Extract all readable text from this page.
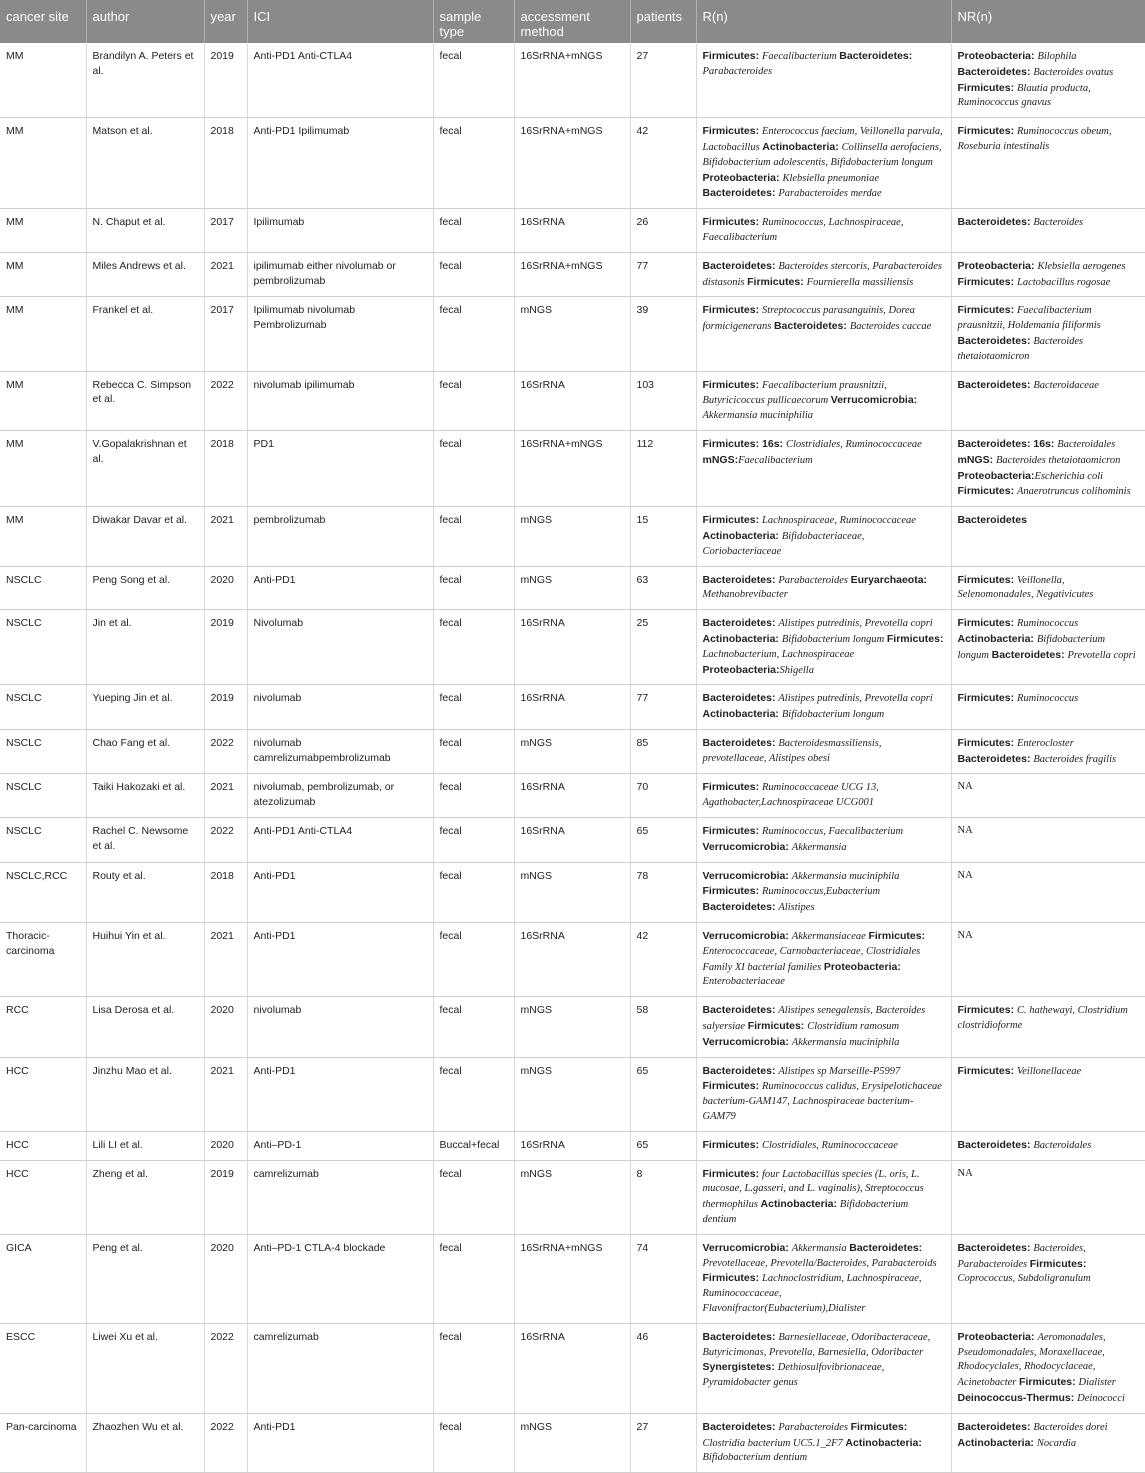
cancer site	author	year	ICI	sample type	accessment method	patients	R(n)	NR(n)
MM	Brandilyn A. Peters et al.	2019	Anti-PD1 Anti-CTLA4	fecal	16SrRNA+mNGS	27	Firmicutes: Faecalibacterium Bacteroidetes: Parabacteroides	Proteobacteria: Bilophila Bacteroidetes: Bacteroides ovatus Firmicutes: Blautia producta, Ruminococcus gnavus
MM	Matson et al.	2018	Anti-PD1 Ipilimumab	fecal	16SrRNA+mNGS	42	Firmicutes: Enterococcus faecium, Veillonella parvula, Lactobacillus Actinobacteria: Collinsella aerofaciens, Bifidobacterium adolescentis, Bifidobacterium longum Proteobacteria: Klebsiella pneumoniae Bacteroidetes: Parabacteroides merdae	Firmicutes: Ruminococcus obeum, Roseburia intestinalis
MM	N. Chaput et al.	2017	Ipilimumab	fecal	16SrRNA	26	Firmicutes: Ruminococcus, Lachnospiraceae, Faecalibacterium	Bacteroidetes: Bacteroides
MM	Miles Andrews et al.	2021	ipilimumab either nivolumab or pembrolizumab	fecal	16SrRNA+mNGS	77	Bacteroidetes: Bacteroides stercoris, Parabacteroides distasonis Firmicutes: Fournierella massiliensis	Proteobacteria: Klebsiella aerogenes Firmicutes: Lactobacillus rogosae
MM	Frankel et al.	2017	Ipilimumab nivolumab Pembrolizumab	fecal	mNGS	39	Firmicutes: Streptococcus parasanguinis, Dorea formicigenerans Bacteroidetes: Bacteroides caccae	Firmicutes: Faecalibacterium prausnitzii, Holdemania filiformis Bacteroidetes: Bacteroides thetaiotaomicron
MM	Rebecca C. Simpson et al.	2022	nivolumab ipilimumab	fecal	16SrRNA	103	Firmicutes: Faecalibacterium prausnitzii, Butyricicoccus pullicaecorum Verrucomicrobia: Akkermansia muciniphilia	Bacteroidetes: Bacteroidaceae
MM	V.Gopalakrishnan et al.	2018	PD1	fecal	16SrRNA+mNGS	112	Firmicutes: 16s: Clostridiales, Ruminococcaceae mNGS:Faecalibacterium	Bacteroidetes: 16s: Bacteroidales mNGS: Bacteroides thetaiotaomicron Proteobacteria:Escherichia coli Firmicutes: Anaerotruncus colihominis
MM	Diwakar Davar et al.	2021	pembrolizumab	fecal	mNGS	15	Firmicutes: Lachnospiraceae, Ruminococcaceae Actinobacteria: Bifidobacteriaceae, Coriobacteriaceae	Bacteroidetes
NSCLC	Peng Song et al.	2020	Anti-PD1	fecal	mNGS	63	Bacteroidetes: Parabacteroides Euryarchaeota: Methanobrevibacter	Firmicutes: Veillonella, Selenomonadales, Negativicutes
NSCLC	Jin et al.	2019	Nivolumab	fecal	16SrRNA	25	Bacteroidetes: Alistipes putredinis, Prevotella copri Actinobacteria: Bifidobacterium longum Firmicutes: Lachnobacterium, Lachnospiraceae Proteobacteria:Shigella	Firmicutes: Ruminococcus Actinobacteria: Bifidobacterium longum Bacteroidetes: Prevotella copri
NSCLC	Yueping Jin et al.	2019	nivolumab	fecal	16SrRNA	77	Bacteroidetes: Alistipes putredinis, Prevotella copri Actinobacteria: Bifidobacterium longum	Firmicutes: Ruminococcus
NSCLC	Chao Fang et al.	2022	nivolumab camrelizumabpembrolizumab	fecal	mNGS	85	Bacteroidetes: Bacteroidesmassiliensis, prevotellaceae, Alistipes obesi	Firmicutes: Enterocloster Bacteroidetes: Bacteroides fragilis
NSCLC	Taiki Hakozaki et al.	2021	nivolumab, pembrolizumab, or atezolizumab	fecal	16SrRNA	70	Firmicutes: Ruminococcaceae UCG 13, Agathobacter,Lachnospiraceae UCG001	NA
NSCLC	Rachel C. Newsome et al.	2022	Anti-PD1 Anti-CTLA4	fecal	16SrRNA	65	Firmicutes: Ruminococcus, Faecalibacterium Verrucomicrobia: Akkermansia	NA
NSCLC,RCC	Routy et al.	2018	Anti-PD1	fecal	mNGS	78	Verrucomicrobia: Akkermansia muciniphila Firmicutes: Ruminococcus,Eubacterium Bacteroidetes: Alistipes	NA
Thoracic-carcinoma	Huihui Yin et al.	2021	Anti-PD1	fecal	16SrRNA	42	Verrucomicrobia: Akkermansiaceae Firmicutes: Enterococcaceae, Carnobacteriaceae, Clostridiales Family XI bacterial families Proteobacteria: Enterobacteriaceae	NA
RCC	Lisa Derosa et al.	2020	nivolumab	fecal	mNGS	58	Bacteroidetes: Alistipes senegalensis, Bacteroides salyersiae Firmicutes: Clostridium ramosum Verrucomicrobia: Akkermansia muciniphila	Firmicutes: C. hathewayi, Clostridium clostridioforme
HCC	Jinzhu Mao et al.	2021	Anti-PD1	fecal	mNGS	65	Bacteroidetes: Alistipes sp Marseille-P5997 Firmicutes: Ruminococcus calidus, Erysipelotichaceae bacterium-GAM147, Lachnospiraceae bacterium-GAM79	Firmicutes: Veillonellaceae
HCC	Lili LI et al.	2020	Anti–PD-1	Buccal+fecal	16SrRNA	65	Firmicutes: Clostridiales, Ruminococcaceae	Bacteroidetes: Bacteroidales
HCC	Zheng et al.	2019	camrelizumab	fecal	mNGS	8	Firmicutes: four Lactobacillus species (L. oris, L. mucosae, L.gasseri, and L. vaginalis), Streptococcus thermophilus Actinobacteria: Bifidobacterium dentium	NA
GICA	Peng et al.	2020	Anti–PD-1 CTLA-4 blockade	fecal	16SrRNA+mNGS	74	Verrucomicrobia: Akkermansia Bacteroidetes: Prevotellaceae, Prevotella/Bacteroides, Parabacteroids Firmicutes: Lachnoclostridium, Lachnospiraceae, Ruminococcaceae, Flavonifractor(Eubacterium),Dialister	Bacteroidetes: Bacteroides, Parabacteroides Firmicutes: Coprococcus, Subdoligranulum
ESCC	Liwei Xu et al.	2022	camrelizumab	fecal	16SrRNA	46	Bacteroidetes: Barnesiellaceae, Odoribacteraceae, Butyricimonas, Prevotella, Barnesiella, Odoribacter Synergistetes: Dethiosulfovibrionaceae, Pyramidobacter genus	Proteobacteria: Aeromonadales, Pseudomonadales, Moraxellaceae, Rhodocyclales, Rhodocyclaceae, Acinetobacter Firmicutes: Dialister Deinococcus-Thermus: Deinococci
Pan-carcinoma	Zhaozhen Wu et al.	2022	Anti-PD1	fecal	mNGS	27	Bacteroidetes: Parabacteroides Firmicutes: Clostridia bacterium UC5.1_2F7 Actinobacteria: Bifidobacterium dentium	Bacteroidetes: Bacteroides dorei Actinobacteria: Nocardia
